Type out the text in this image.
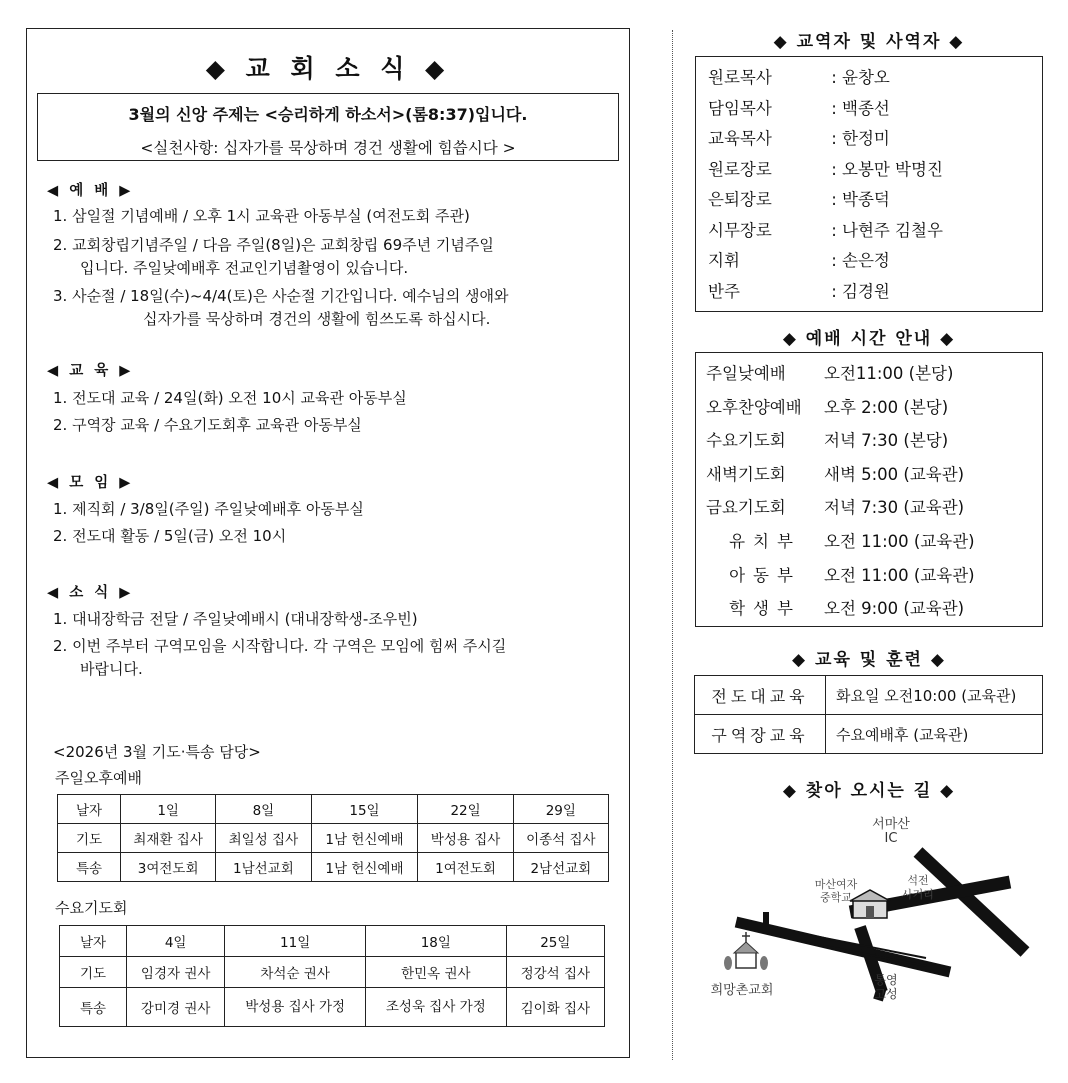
◆ 교 회 소 식 ◆
3월의 신앙 주제는 <승리하게 하소서>(롬8:37)입니다.
<실천사항: 십자가를 묵상하며 경건 생활에 힘씁시다 >
◀ 예 배 ▶
1. 삼일절 기념예배 / 오후 1시 교육관 아동부실 (여전도회 주관)
2. 교회창립기념주일 / 다음 주일(8일)은 교회창립 69주년 기념주일
입니다. 주일낮예배후 전교인기념촬영이 있습니다.
3. 사순절 / 18일(수)~4/4(토)은 사순절 기간입니다. 예수님의 생애와
십자가를 묵상하며 경건의 생활에 힘쓰도록 하십시다.
◀ 교 육 ▶
1. 전도대 교육 / 24일(화) 오전 10시 교육관 아동부실
2. 구역장 교육 / 수요기도회후 교육관 아동부실
◀ 모 임 ▶
1. 제직회 / 3/8일(주일) 주일낮예배후 아동부실
2. 전도대 활동 / 5일(금) 오전 10시
◀ 소 식 ▶
1. 대내장학금 전달 / 주일낮예배시 (대내장학생-조우빈)
2. 이번 주부터 구역모임을 시작합니다. 각 구역은 모임에 힘써 주시길
바랍니다.
<2026년 3월 기도·특송 담당>
주일오후예배
날자	1일	8일	15일	22일	29일
기도	최재환 집사	최일성 집사	1남 헌신예배	박성용 집사	이종석 집사
특송	3여전도회	1남선교회	1남 헌신예배	1여전도회	2남선교회
수요기도회
날자	4일	11일	18일	25일
기도	임경자 권사	차석순 권사	한민옥 권사	정강석 집사
특송	강미경 권사	박성용 집사 가정	조성욱 집사 가정	김이화 집사
◆ 교역자 및 사역자 ◆
원로목사	: 윤창오
담임목사	: 백종선
교육목사	: 한정미
원로장로	: 오봉만 박명진
은퇴장로	: 박종덕
시무장로	: 나현주 김철우
지휘	: 손은정
반주	: 김경원
◆ 예배 시간 안내 ◆
주일낮예배 오전11:00 (본당)
오후찬양예배 오후 2:00 (본당)
수요기도회 저녁 7:30 (본당)
새벽기도회 새벽 5:00 (교육관)
금요기도회 저녁 7:30 (교육관)
유치부 오전 11:00 (교육관)
아동부 오전 11:00 (교육관)
학생부 오전 9:00 (교육관)
◆ 교육 및 훈련 ◆
전도대교육	화요일 오전10:00 (교육관)
구역장교육	수요예배후 (교육관)
◆ 찾아 오시는 길 ◆
서마산
IC
마산여자
중학교
석전
사거리
희망촌교회
통영
고성
